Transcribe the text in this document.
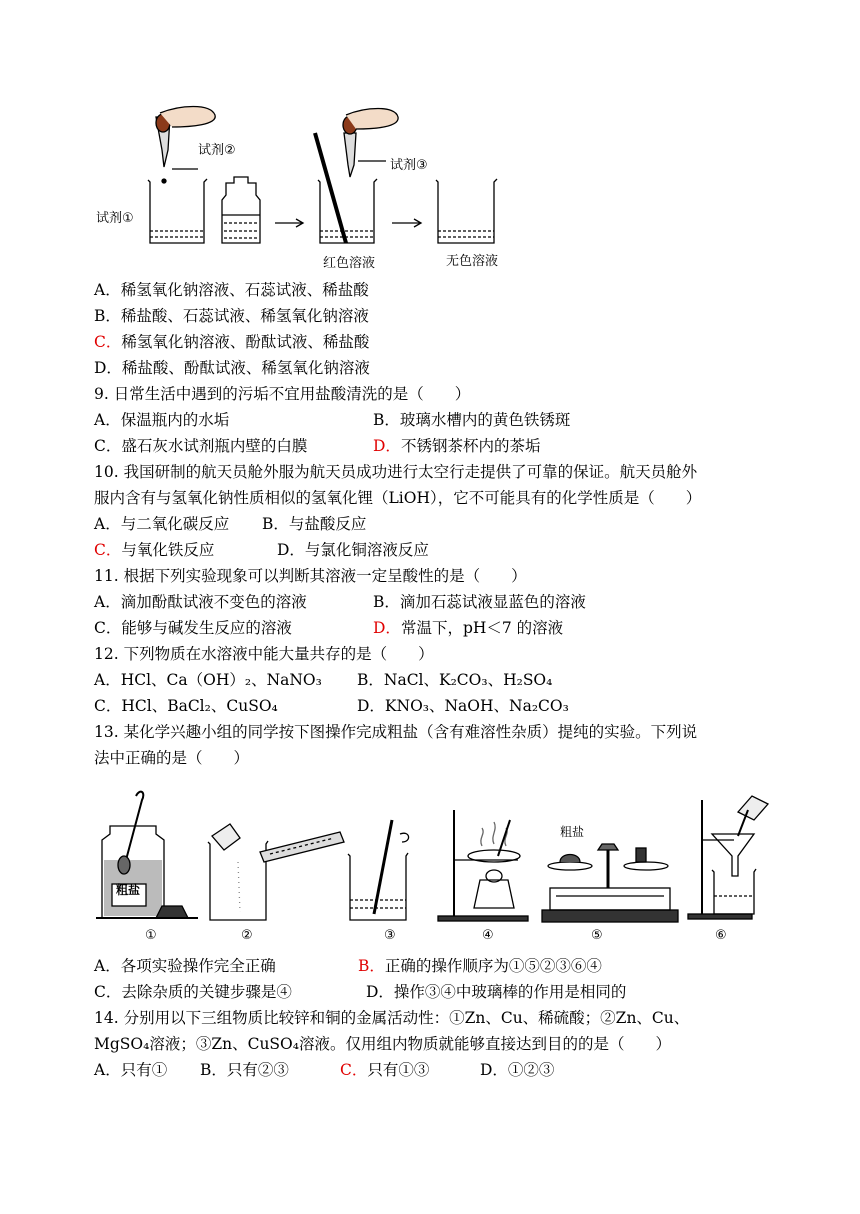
试剂②
试剂①
试剂③
红色溶液	无色溶液
A．稀氢氧化钠溶液、石蕊试液、稀盐酸
B．稀盐酸、石蕊试液、稀氢氧化钠溶液
C．稀氢氧化钠溶液、酚酞试液、稀盐酸
D．稀盐酸、酚酞试液、稀氢氧化钠溶液
9. 日常生活中遇到的污垢不宜用盐酸清洗的是（　　）
A．保温瓶内的水垢	B．玻璃水槽内的黄色铁锈斑
C．盛石灰水试剂瓶内壁的白膜	D．不锈钢茶杯内的茶垢
10. 我国研制的航天员舱外服为航天员成功进行太空行走提供了可靠的保证。航天员舱外
服内含有与氢氧化钠性质相似的氢氧化锂（LiOH），它不可能具有的化学性质是（　　）
A．与二氧化碳反应 B．与盐酸反应
C．与氧化铁反应	D．与氯化铜溶液反应
11. 根据下列实验现象可以判断其溶液一定呈酸性的是（　　）
A．滴加酚酞试液不变色的溶液	B．滴加石蕊试液显蓝色的溶液
C．能够与碱发生反应的溶液	D．常温下，pH＜7 的溶液
12. 下列物质在水溶液中能大量共存的是（　　）
A．HCl、Ca（OH）₂、NaNO₃ B．NaCl、K₂CO₃、H₂SO₄
C．HCl、BaCl₂、CuSO₄	D．KNO₃、NaOH、Na₂CO₃
13. 某化学兴趣小组的同学按下图操作完成粗盐（含有难溶性杂质）提纯的实验。下列说
法中正确的是（　　）
粗盐
粗盐
①	②	③	④	⑤	⑥
A．各项实验操作完全正确	B．正确的操作顺序为①⑤②③⑥④
C．去除杂质的关键步骤是④	D．操作③④中玻璃棒的作用是相同的
14. 分别用以下三组物质比较锌和铜的金属活动性：①Zn、Cu、稀硫酸；②Zn、Cu、
MgSO₄溶液；③Zn、CuSO₄溶液。仅用组内物质就能够直接达到目的的是（　　）
A．只有① B．只有②③	C．只有①③	D．①②③
